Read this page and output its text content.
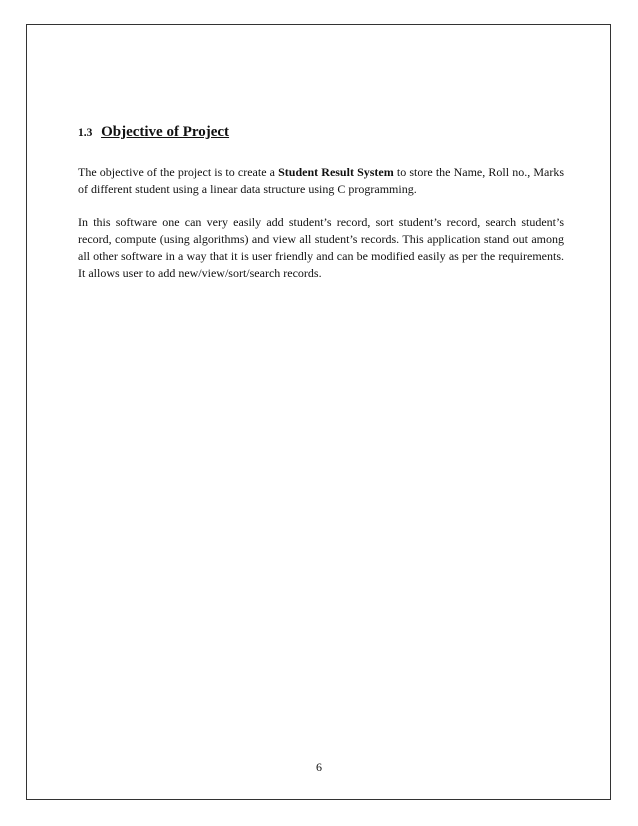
1.3 Objective of Project

The objective of the project is to create a Student Result System to store the Name, Roll no., Marks of different student using a linear data structure using C programming.

In this software one can very easily add student’s record, sort student’s record, search student’s record, compute (using algorithms) and view all student’s records. This application stand out among all other software in a way that it is user friendly and can be modified easily as per the requirements. It allows user to add new/view/sort/search records.

6
